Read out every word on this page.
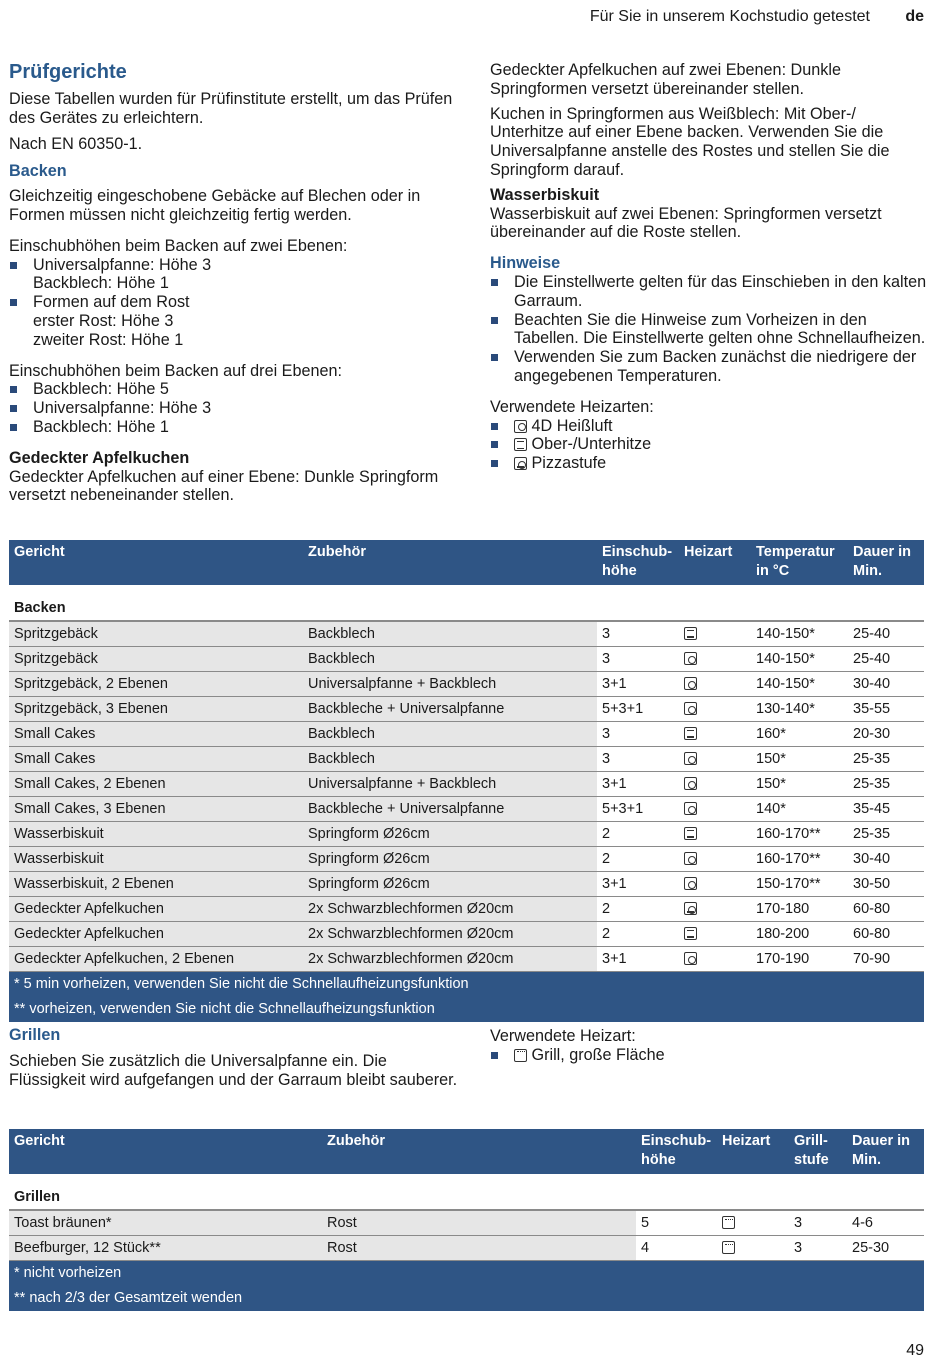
Für Sie in unserem Kochstudio getestet de
Prüfgerichte

Diese Tabellen wurden für Prüfinstitute erstellt, um das Prüfen des Gerätes zu erleichtern.

Nach EN 60350-1.

Backen

Gleichzeitig eingeschobene Gebäcke auf Blechen oder in Formen müssen nicht gleichzeitig fertig werden.

Einschubhöhen beim Backen auf zwei Ebenen:
Universalpfanne: Höhe 3
Backblech: Höhe 1
Formen auf dem Rost
erster Rost: Höhe 3
zweiter Rost: Höhe 1
Einschubhöhen beim Backen auf drei Ebenen:
Backblech: Höhe 5
Universalpfanne: Höhe 3
Backblech: Höhe 1
Gedeckter Apfelkuchen
Gedeckter Apfelkuchen auf einer Ebene: Dunkle Springform versetzt nebeneinander stellen.

Gedeckter Apfelkuchen auf zwei Ebenen: Dunkle Springformen versetzt übereinander stellen.

Kuchen in Springformen aus Weißblech: Mit Ober-/ Unterhitze auf einer Ebene backen. Verwenden Sie die Universalpfanne anstelle des Rostes und stellen Sie die Springform darauf.

Wasserbiskuit

Wasserbiskuit auf zwei Ebenen: Springformen versetzt übereinander auf die Roste stellen.

Hinweise
Die Einstellwerte gelten für das Einschieben in den kalten Garraum.
Beachten Sie die Hinweise zum Vorheizen in den Tabellen. Die Einstellwerte gelten ohne Schnellaufheizen.
Verwenden Sie zum Backen zunächst die niedrigere der angegebenen Temperaturen.
Verwendete Heizarten:
4D Heißluft
Ober-/Unterhitze
Pizzastufe
Gericht	Zubehör	Einschub-höhe	Heizart	Temperatur in °C	Dauer in Min.
Backen					
Spritzgebäck	Backblech	3		140-150*	25-40
Spritzgebäck	Backblech	3		140-150*	25-40
Spritzgebäck, 2 Ebenen	Universalpfanne + Backblech	3+1		140-150*	30-40
Spritzgebäck, 3 Ebenen	Backbleche + Universalpfanne	5+3+1		130-140*	35-55
Small Cakes	Backblech	3		160*	20-30
Small Cakes	Backblech	3		150*	25-35
Small Cakes, 2 Ebenen	Universalpfanne + Backblech	3+1		150*	25-35
Small Cakes, 3 Ebenen	Backbleche + Universalpfanne	5+3+1		140*	35-45
Wasserbiskuit	Springform Ø26cm	2		160-170**	25-35
Wasserbiskuit	Springform Ø26cm	2		160-170**	30-40
Wasserbiskuit, 2 Ebenen	Springform Ø26cm	3+1		150-170**	30-50
Gedeckter Apfelkuchen	2x Schwarzblechformen Ø20cm	2		170-180	60-80
Gedeckter Apfelkuchen	2x Schwarzblechformen Ø20cm	2		180-200	60-80
Gedeckter Apfelkuchen, 2 Ebenen	2x Schwarzblechformen Ø20cm	3+1		170-190	70-90
* 5 min vorheizen, verwenden Sie nicht die Schnellaufheizungsfunktion					
** vorheizen, verwenden Sie nicht die Schnellaufheizungsfunktion					
Grillen
Schieben Sie zusätzlich die Universalpfanne ein. Die Flüssigkeit wird aufgefangen und der Garraum bleibt sauberer.
Verwendete Heizart:
Grill, große Fläche
Gericht	Zubehör	Einschub-höhe	Heizart	Grill-stufe	Dauer in Min.
Grillen					
Toast bräunen*	Rost	5		3	4-6
Beefburger, 12 Stück**	Rost	4		3	25-30
* nicht vorheizen					
** nach 2/3 der Gesamtzeit wenden					
49
